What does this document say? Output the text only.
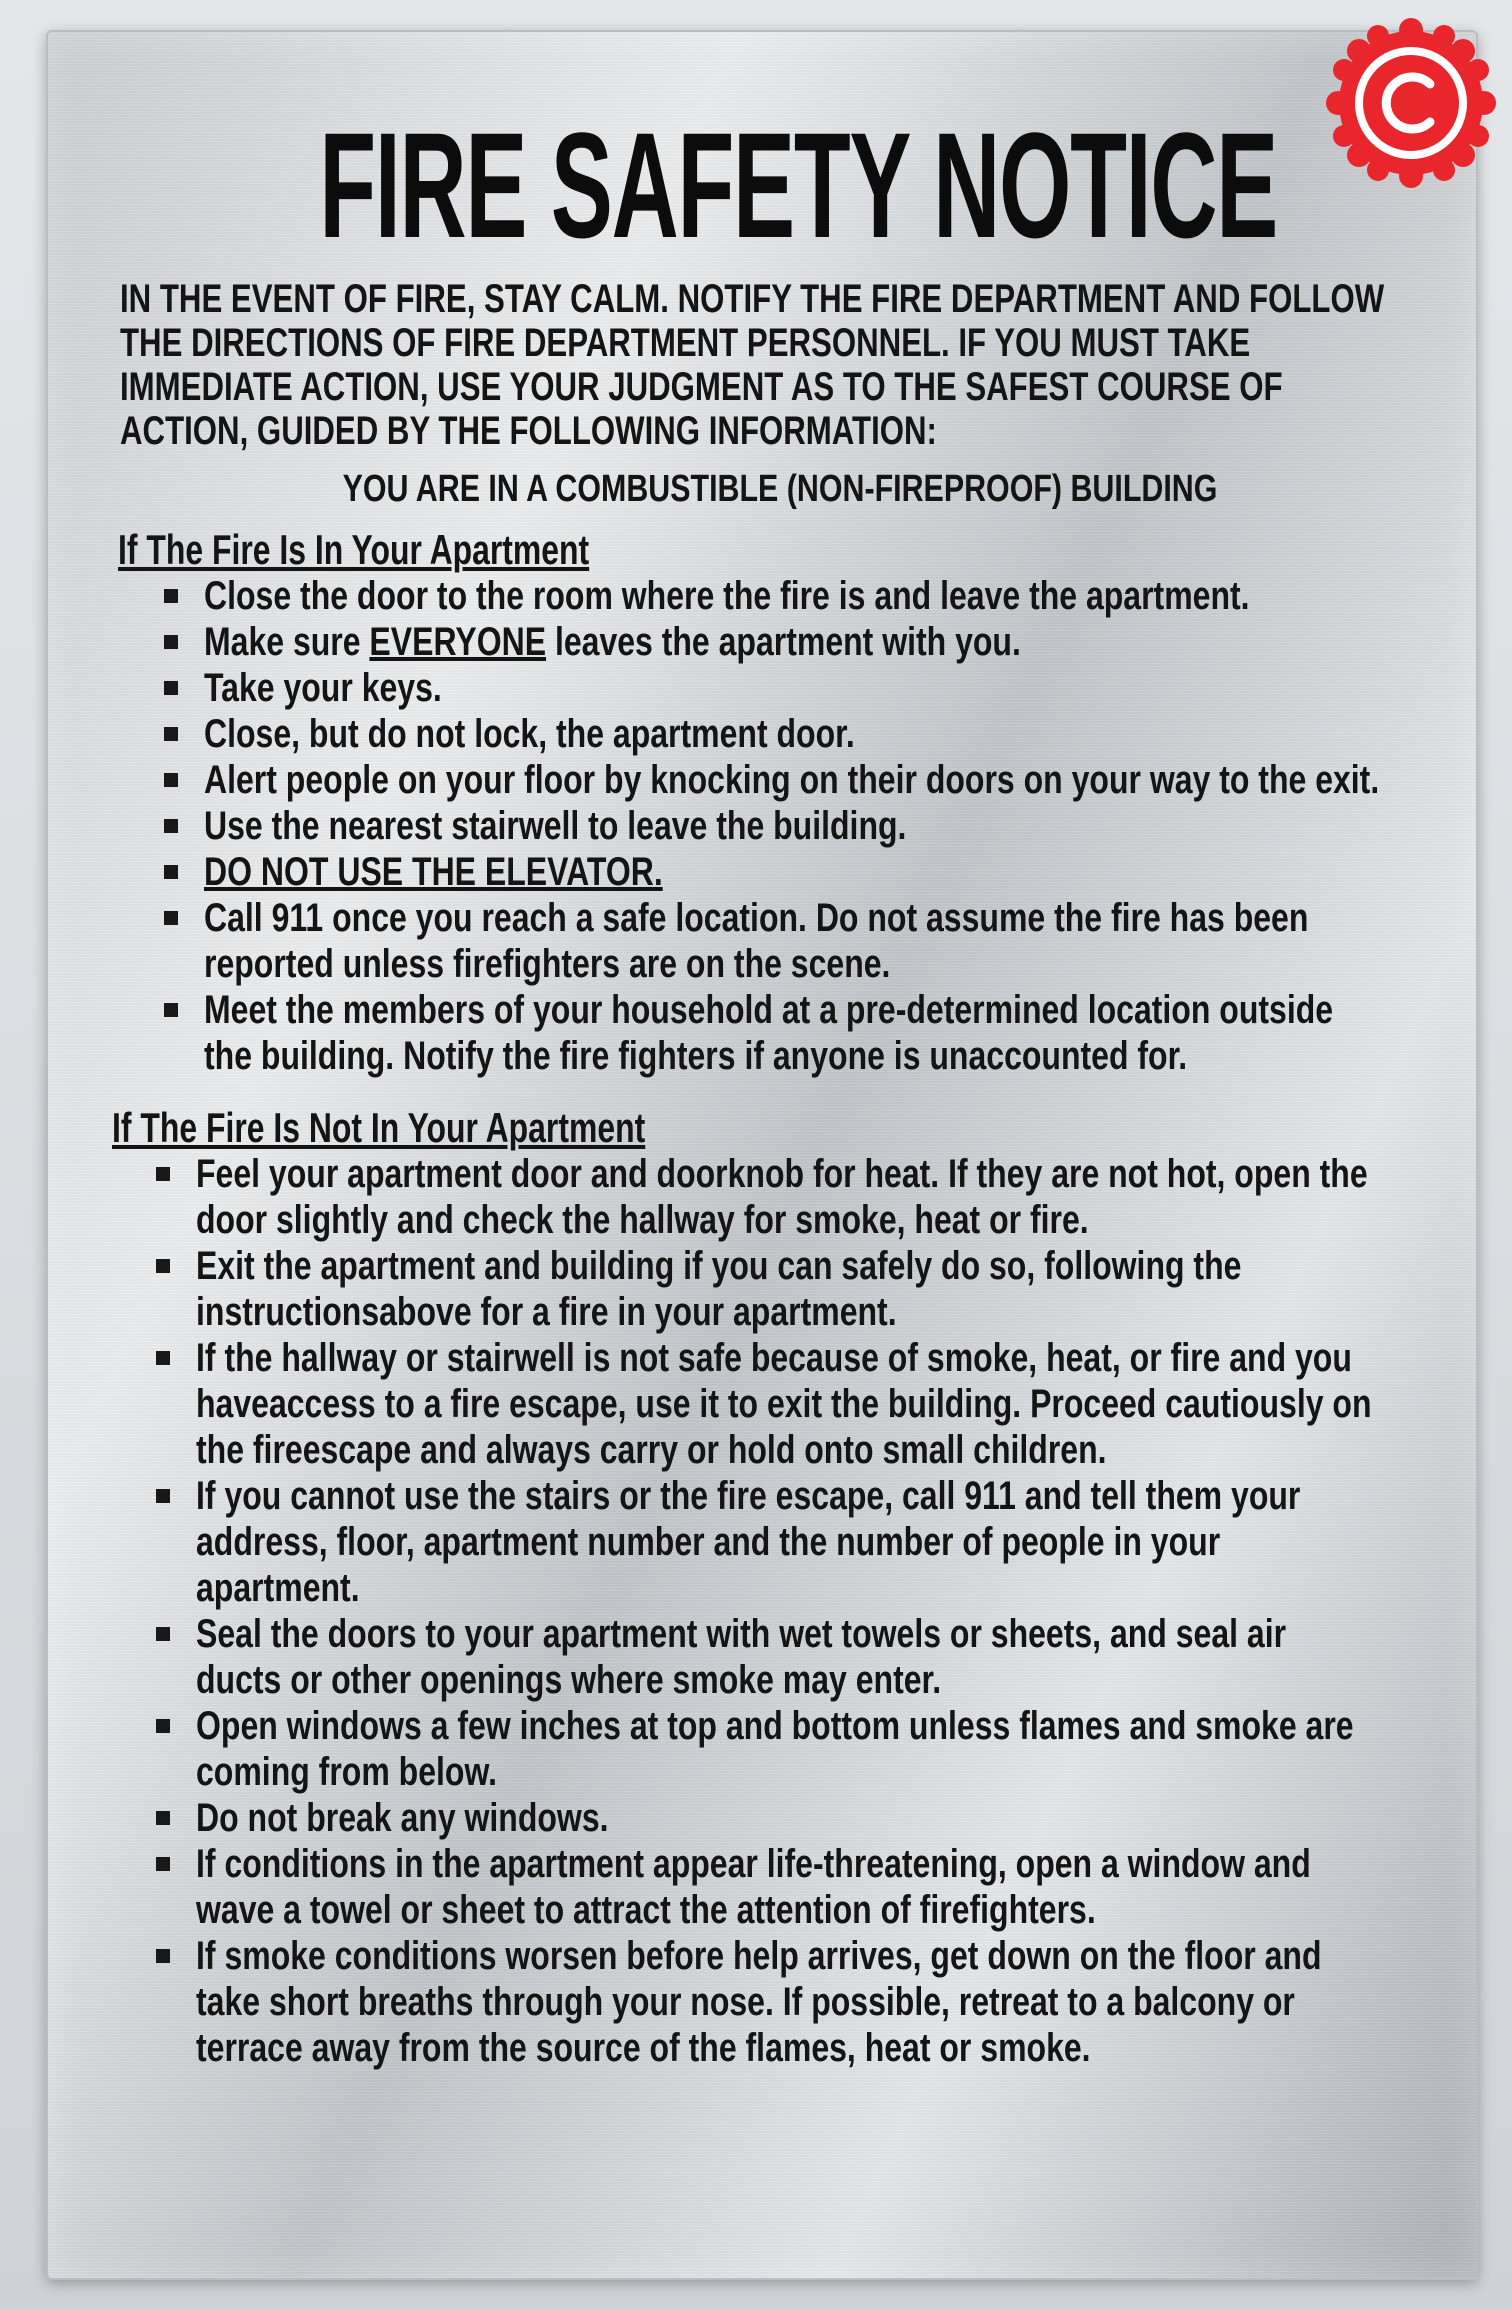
FIRE SAFETY NOTICE

IN THE EVENT OF FIRE, STAY CALM. NOTIFY THE FIRE DEPARTMENT AND FOLLOW THE DIRECTIONS OF FIRE DEPARTMENT PERSONNEL. IF YOU MUST TAKE IMMEDIATE ACTION, USE YOUR JUDGMENT AS TO THE SAFEST COURSE OF ACTION, GUIDED BY THE FOLLOWING INFORMATION:

YOU ARE IN A COMBUSTIBLE (NON-FIREPROOF) BUILDING
If The Fire Is In Your Apartment
Close the door to the room where the fire is and leave the apartment.
Make sure EVERYONE leaves the apartment with you.
Take your keys.
Close, but do not lock, the apartment door.
Alert people on your floor by knocking on their doors on your way to the exit.
Use the nearest stairwell to leave the building.
DO NOT USE THE ELEVATOR.
Call 911 once you reach a safe location. Do not assume the fire has been reported unless firefighters are on the scene.
Meet the members of your household at a pre-determined location outside the building. Notify the fire fighters if anyone is unaccounted for.
If The Fire Is Not In Your Apartment
Feel your apartment door and doorknob for heat. If they are not hot, open the door slightly and check the hallway for smoke, heat or fire.
Exit the apartment and building if you can safely do so, following the instructionsabove for a fire in your apartment.
If the hallway or stairwell is not safe because of smoke, heat, or fire and you haveaccess to a fire escape, use it to exit the building. Proceed cautiously on the fireescape and always carry or hold onto small children.
If you cannot use the stairs or the fire escape, call 911 and tell them your address, floor, apartment number and the number of people in your apartment.
Seal the doors to your apartment with wet towels or sheets, and seal air ducts or other openings where smoke may enter.
Open windows a few inches at top and bottom unless flames and smoke are coming from below.
Do not break any windows.
If conditions in the apartment appear life-threatening, open a window and wave a towel or sheet to attract the attention of firefighters.
If smoke conditions worsen before help arrives, get down on the floor and take short breaths through your nose. If possible, retreat to a balcony or terrace away from the source of the flames, heat or smoke.
